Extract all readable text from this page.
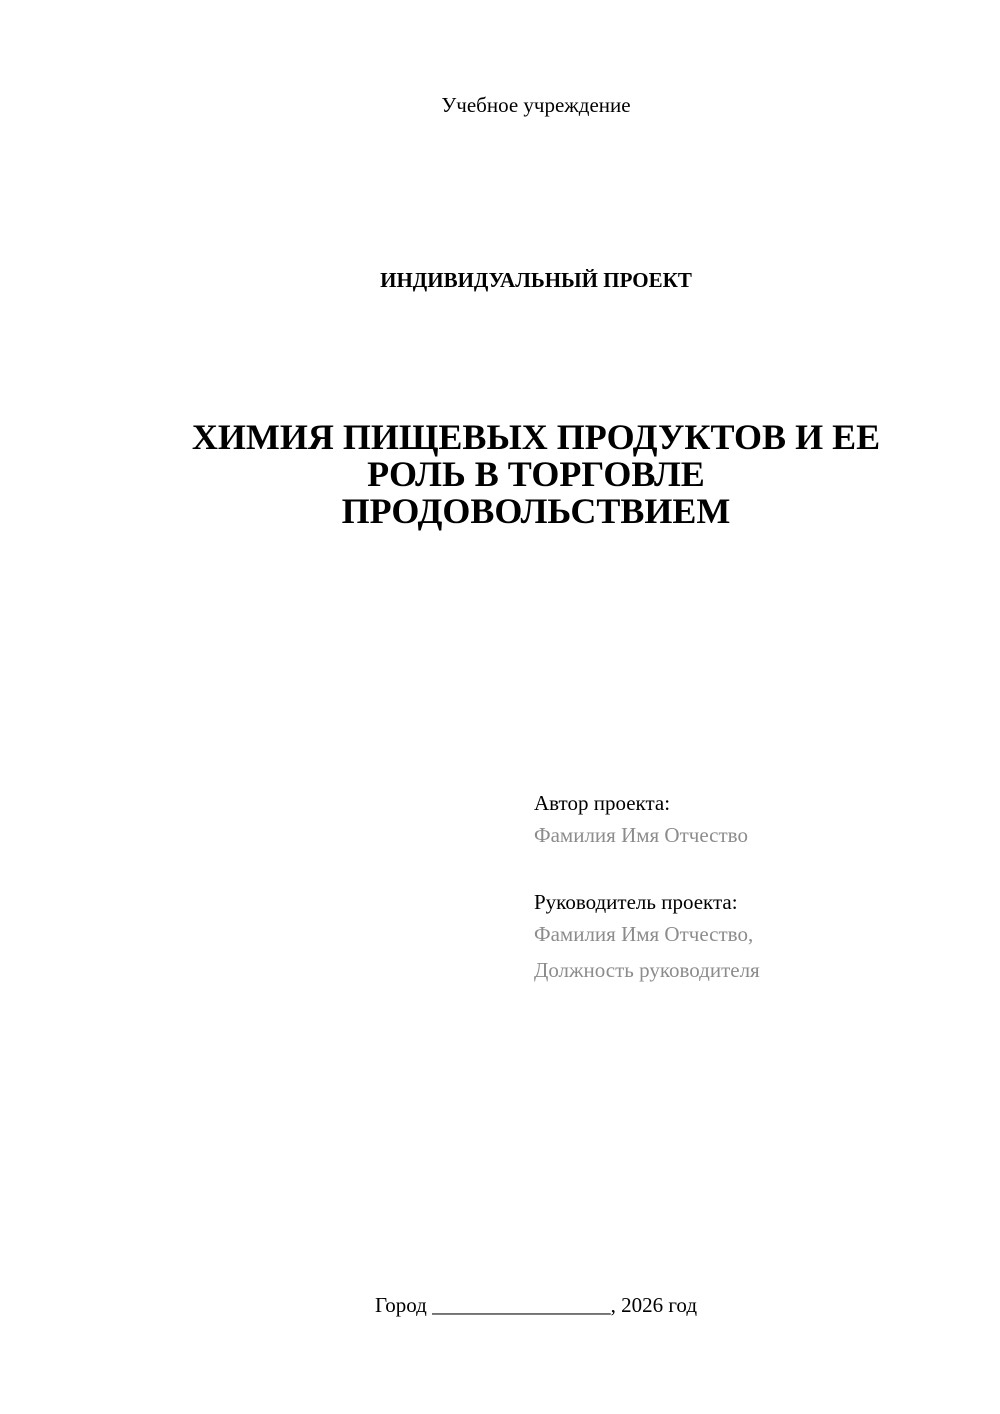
Учебное учреждение
ИНДИВИДУАЛЬНЫЙ ПРОЕКТ
ХИМИЯ ПИЩЕВЫХ ПРОДУКТОВ И ЕЕ
РОЛЬ В ТОРГОВЛЕ
ПРОДОВОЛЬСТВИЕМ
Автор проекта:
Фамилия Имя Отчество
Руководитель проекта:
Фамилия Имя Отчество,
Должность руководителя
Город _________________, 2026 год
